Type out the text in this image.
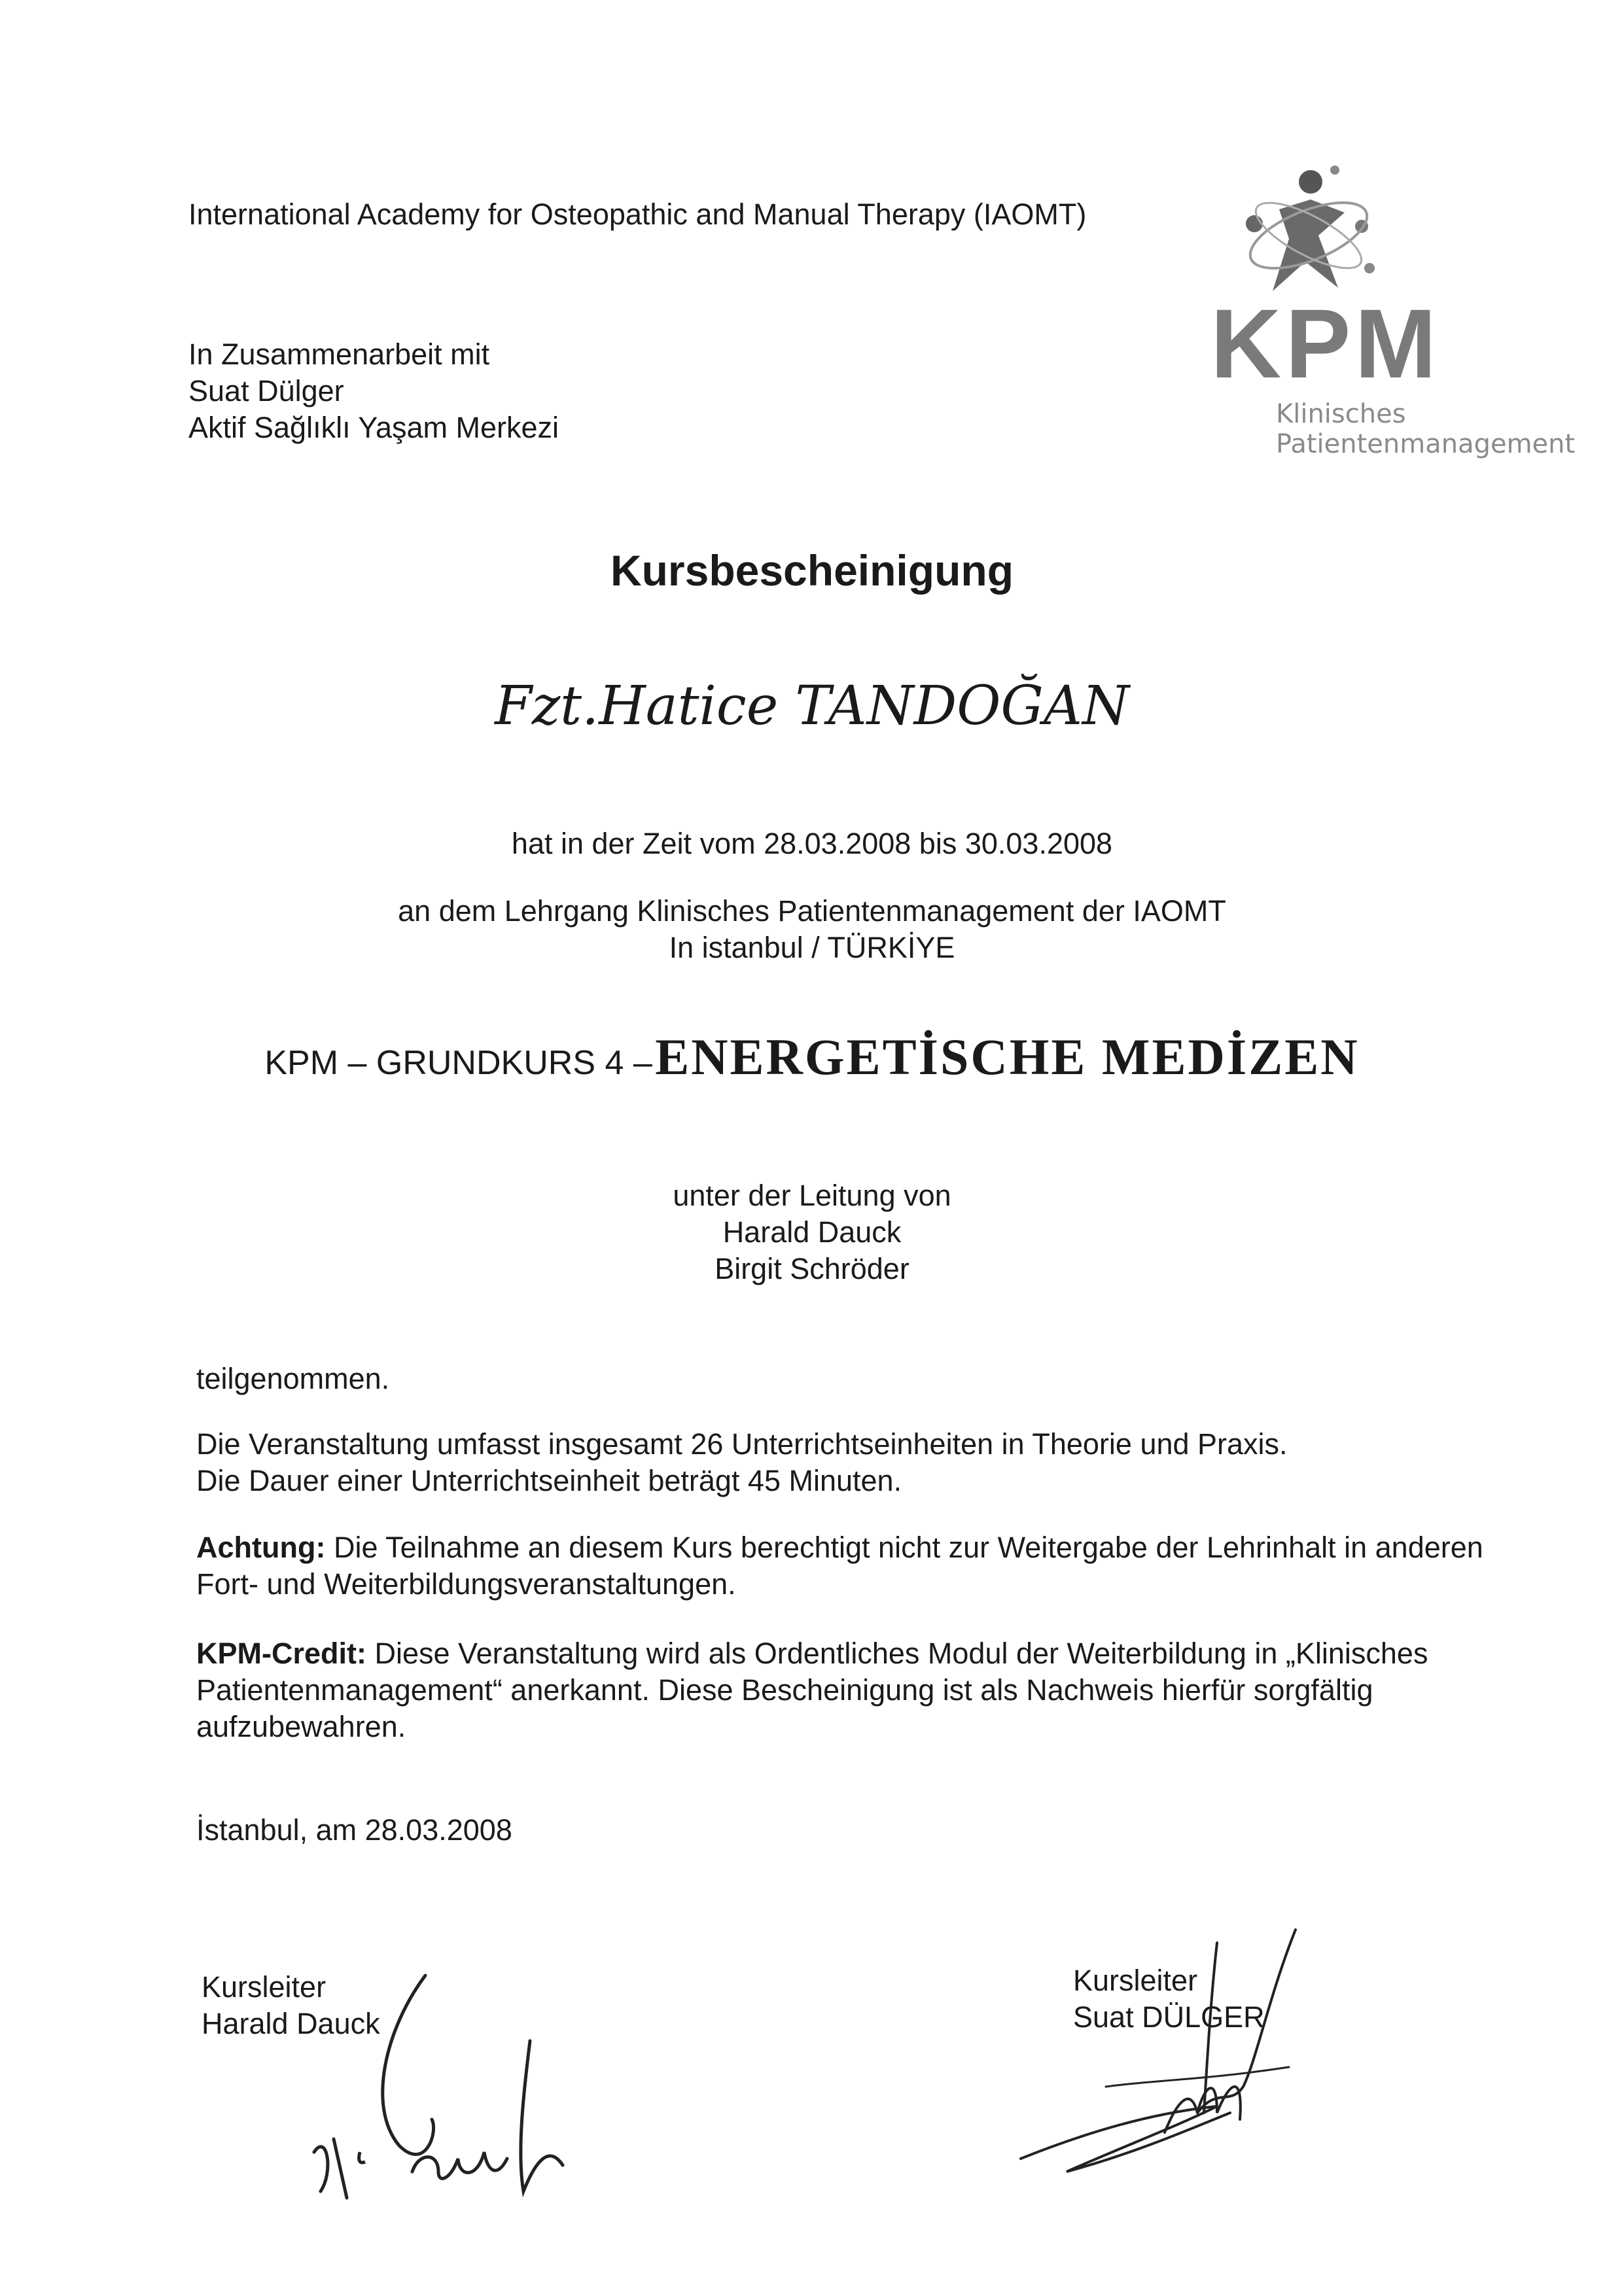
International Academy for Osteopathic and Manual Therapy (IAOMT)
In Zusammenarbeit mit
Suat Dülger
Aktif Sağlıklı Yaşam Merkezi
KPM
Klinisches
Patientenmanagement
Kursbescheinigung
Fzt.Hatice TANDOĞAN
hat in der Zeit vom 28.03.2008 bis 30.03.2008
an dem Lehrgang Klinisches Patientenmanagement der IAOMT
In istanbul / TÜRKİYE
KPM – GRUNDKURS 4 – ENERGETİSCHE MEDİZEN
unter der Leitung von
Harald Dauck
Birgit Schröder
teilgenommen.
Die Veranstaltung umfasst insgesamt 26 Unterrichtseinheiten in Theorie und Praxis.
Die Dauer einer Unterrichtseinheit beträgt 45 Minuten.
Achtung: Die Teilnahme an diesem Kurs berechtigt nicht zur Weitergabe der Lehrinhalt in anderen Fort- und Weiterbildungsveranstaltungen.
KPM-Credit: Diese Veranstaltung wird als Ordentliches Modul der Weiterbildung in „Klinisches Patientenmanagement“ anerkannt. Diese Bescheinigung ist als Nachweis hierfür sorgfältig aufzubewahren.
İstanbul, am 28.03.2008
Kursleiter
Harald Dauck
Kursleiter
Suat DÜLGER
